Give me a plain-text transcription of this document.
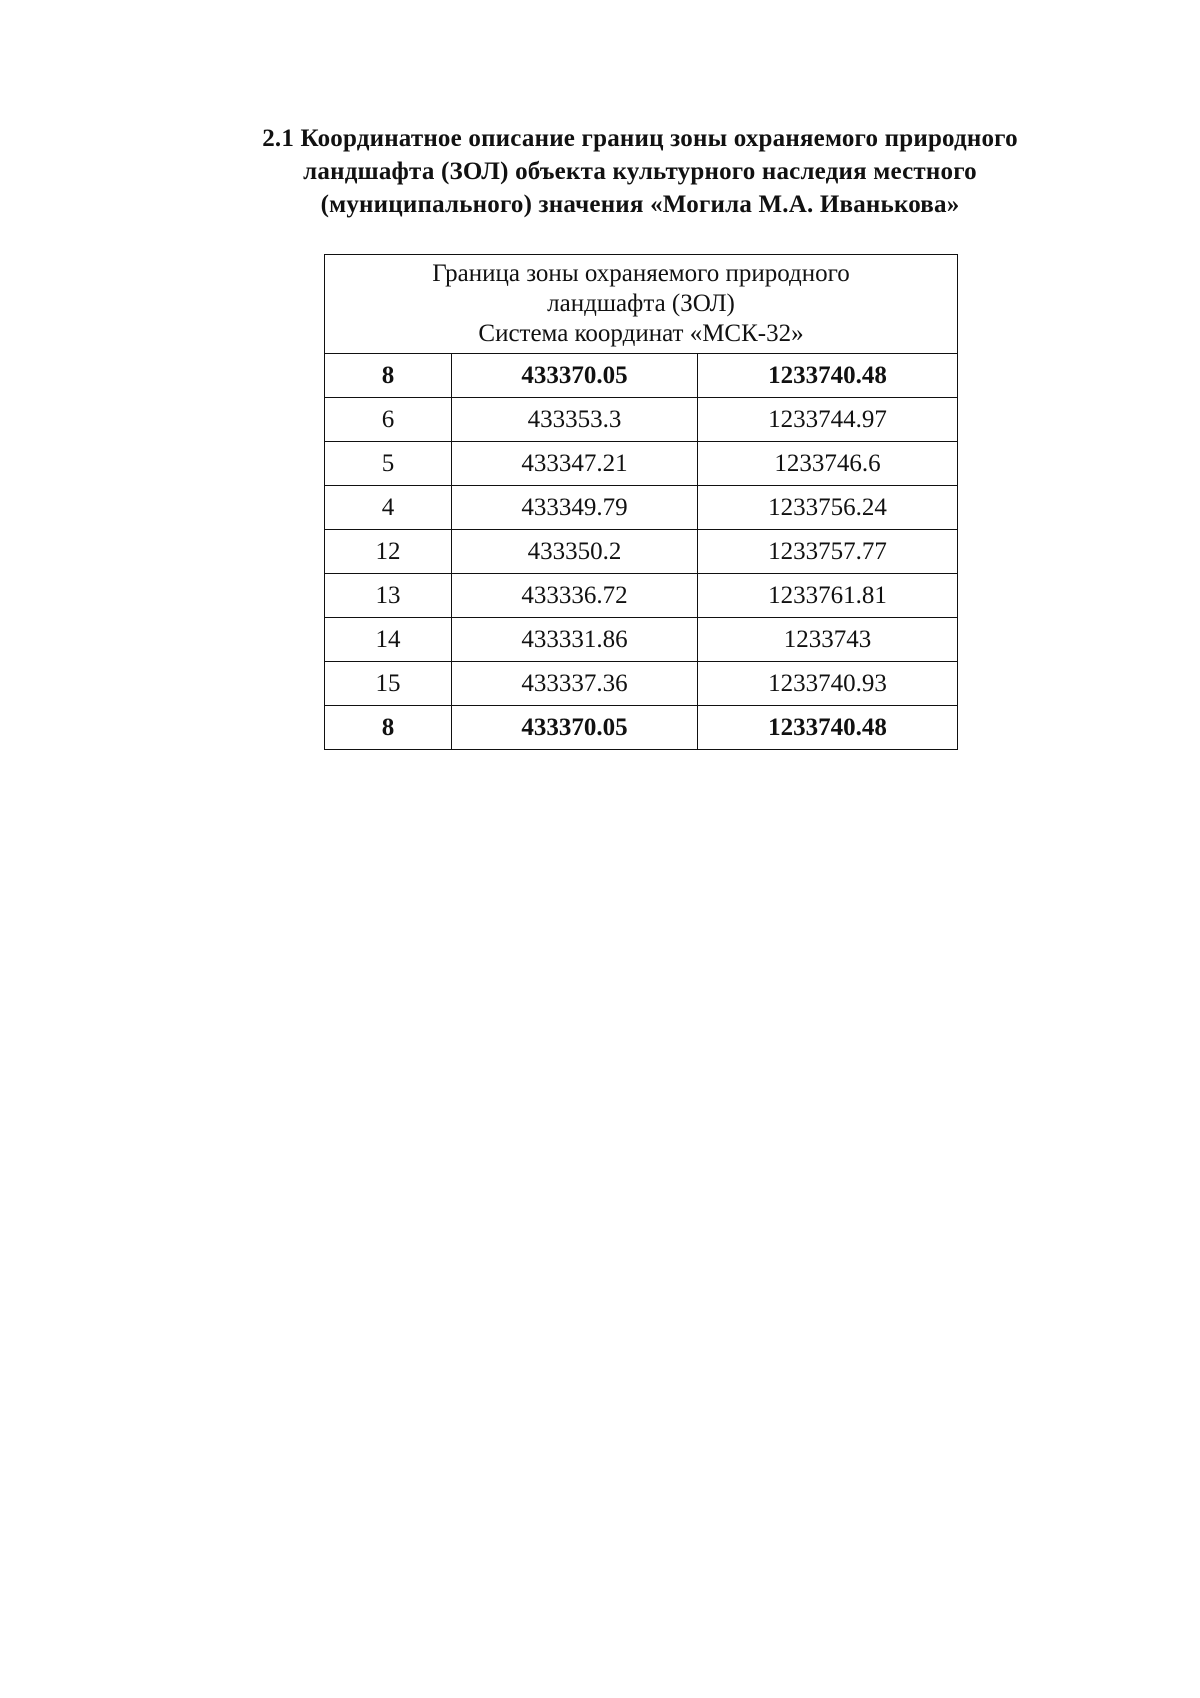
2.1 Координатное описание границ зоны охраняемого природного
ландшафта (ЗОЛ) объекта культурного наследия местного
(муниципального) значения «Могила М.А. Иванькова»
Граница зоны охраняемого природного
ландшафта (ЗОЛ)
Система координат «МСК-32»		

8	433370.05	1233740.48
6	433353.3	1233744.97
5	433347.21	1233746.6
4	433349.79	1233756.24
12	433350.2	1233757.77
13	433336.72	1233761.81
14	433331.86	1233743
15	433337.36	1233740.93
8	433370.05	1233740.48
